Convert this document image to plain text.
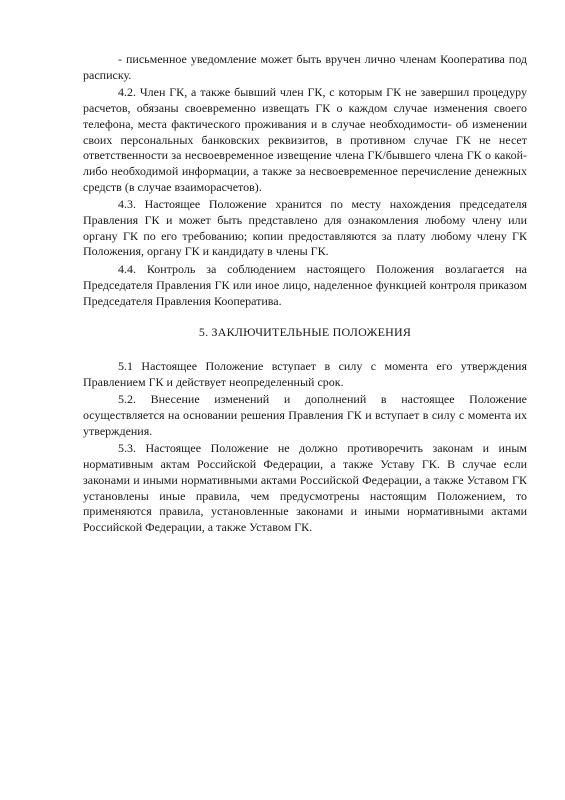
- письменное уведомление может быть вручен лично членам Кооператива под расписку.

4.2. Член ГК, а также бывший член ГК, с которым ГК не завершил процедуру расчетов, обязаны своевременно извещать ГК о каждом случае изменения своего телефона, места фактического проживания и в случае необходимости- об изменении своих персональных банковских реквизитов, в противном случае ГК не несет ответственности за несвоевременное извещение члена ГК/бывшего члена ГК о какой-либо необходимой информации, а также за несвоевременное перечисление денежных средств (в случае взаиморасчетов).

4.3. Настоящее Положение хранится по месту нахождения председателя Правления ГК и может быть представлено для ознакомления любому члену или органу ГК по его требованию; копии предоставляются за плату любому члену ГК Положения, органу ГК и кандидату в члены ГК.

4.4. Контроль за соблюдением настоящего Положения возлагается на Председателя Правления ГК или иное лицо, наделенное функцией контроля приказом Председателя Правления Кооператива.

5. ЗАКЛЮЧИТЕЛЬНЫЕ ПОЛОЖЕНИЯ

5.1 Настоящее Положение вступает в силу с момента его утверждения Правлением ГК и действует неопределенный срок.

5.2. Внесение изменений и дополнений в настоящее Положение осуществляется на основании решения Правления ГК и вступает в силу с момента их утверждения.

5.3. Настоящее Положение не должно противоречить законам и иным нормативным актам Российской Федерации, а также Уставу ГК. В случае если законами и иными нормативными актами Российской Федерации, а также Уставом ГК установлены иные правила, чем предусмотрены настоящим Положением, то применяются правила, установленные законами и иными нормативными актами Российской Федерации, а также Уставом ГК.
